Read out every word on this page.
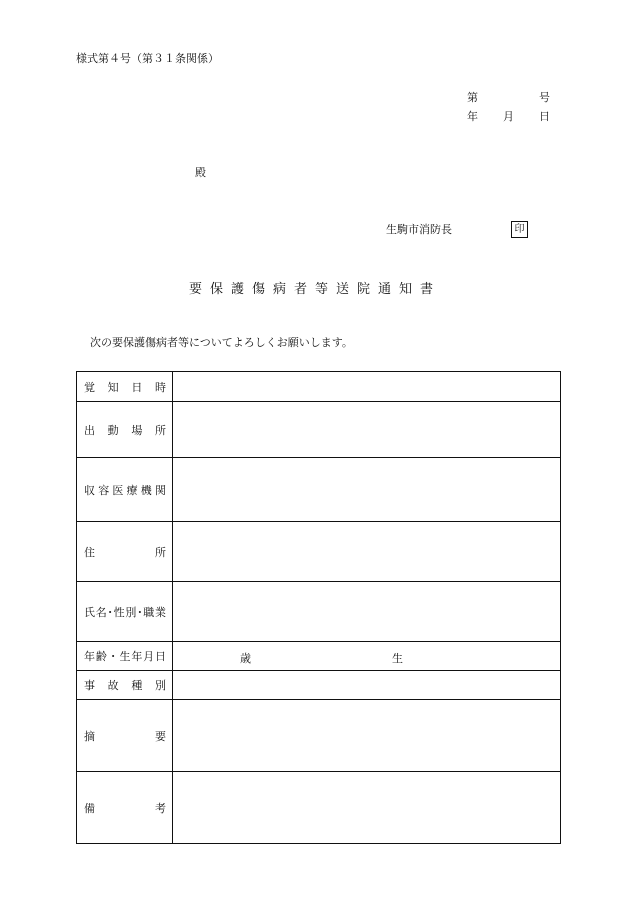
様式第４号（第３１条関係）
第	号
年 月 日
殿
生駒市消防長	印
要保護傷病者等送院通知書
次の要保護傷病者等についてよろしくお願いします。
覚知日時	

出動場所	

収容医療機関	

住所	

氏名･性別･職業	

年齢・生年月日	歳 生

事故種別	

摘要	

備考	
